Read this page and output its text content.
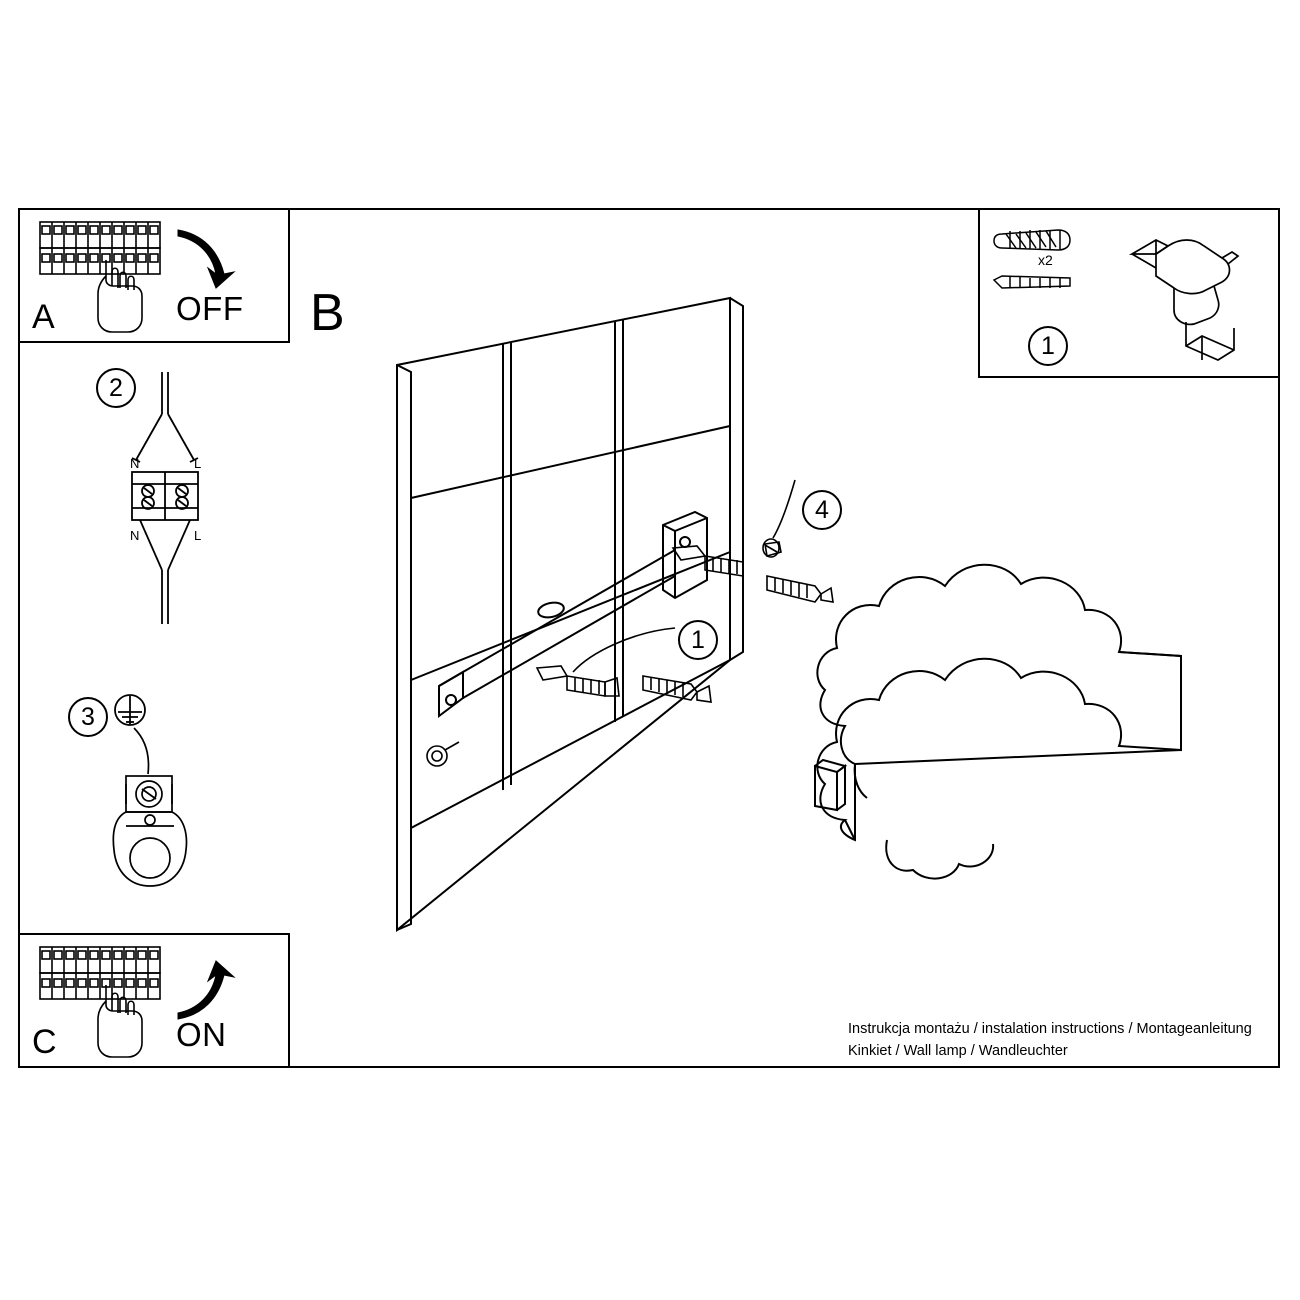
A	OFF
C	ON
B
x2
1
2
N	L
N	L
3
1
4
Instrukcja montażu / instalation instructions / Montageanleitung
Kinkiet / Wall lamp / Wandleuchter
